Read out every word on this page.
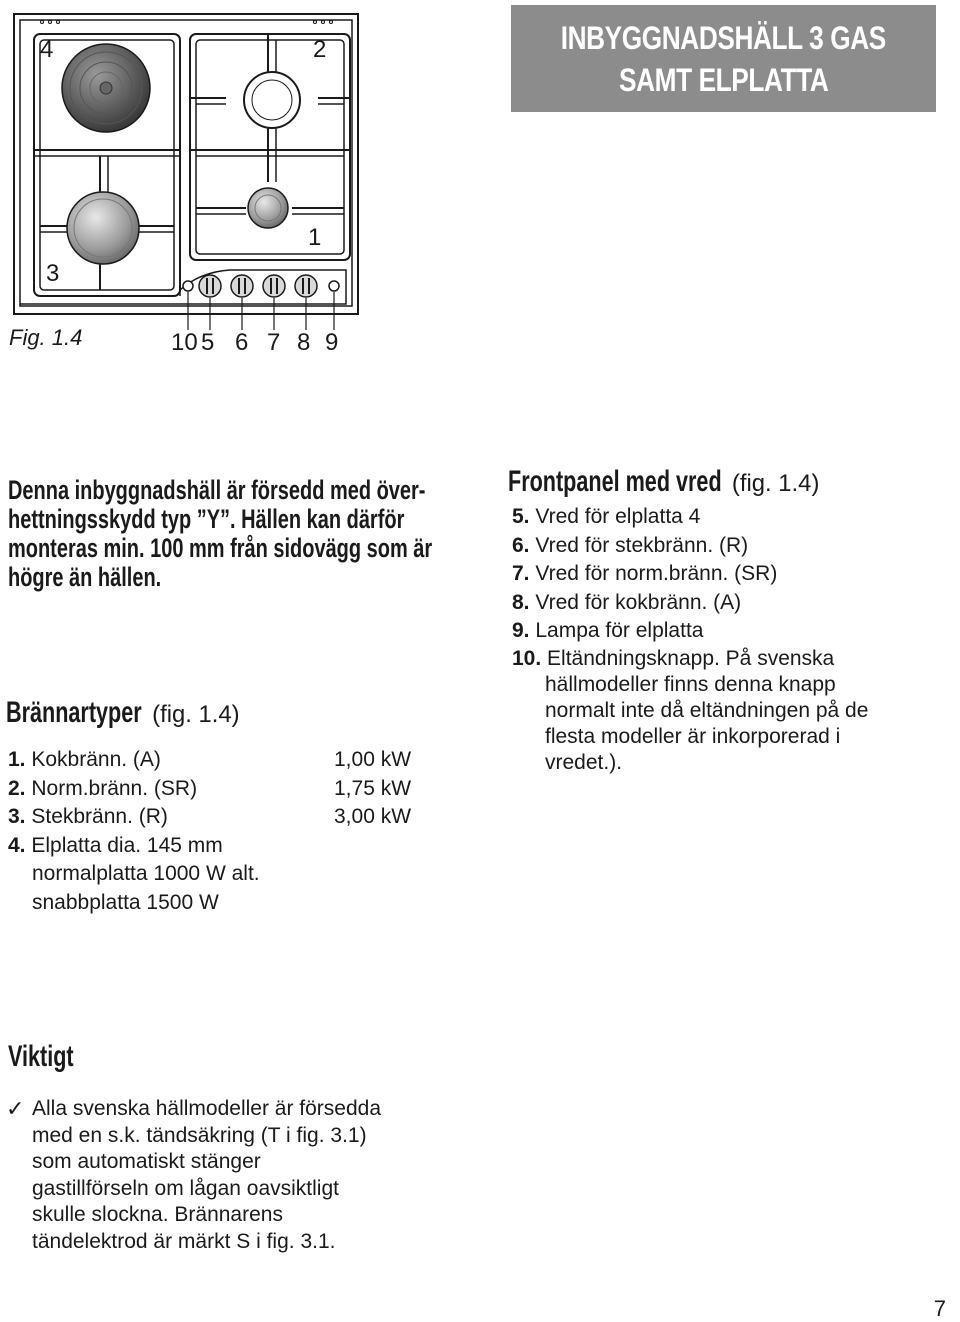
INBYGGNADSHÄLL 3 GAS
SAMT ELPLATTA
4	2
3
1
Fig. 1.4	10 5 6 7 8 9
Denna inbyggnadshäll är försedd med över-
hettningsskydd typ ”Y”. Hällen kan därför
monteras min. 100 mm från sidovägg som är
högre än hällen.
Brännartyper (fig. 1.4)
1. Kokbränn. (A)	1,00 kW
2. Norm.bränn. (SR)	1,75 kW
3. Stekbränn. (R)	3,00 kW
4. Elplatta dia. 145 mm
normalplatta 1000 W alt.
snabbplatta 1500 W
Frontpanel med vred (fig. 1.4)
5. Vred för elplatta 4
6. Vred för stekbränn. (R)
7. Vred för norm.bränn. (SR)
8. Vred för kokbränn. (A)
9. Lampa för elplatta
10. Eltändningsknapp. På svenska
hällmodeller finns denna knapp
normalt inte då eltändningen på de
flesta modeller är inkorporerad i
vredet.).
Viktigt
✓ Alla svenska hällmodeller är försedda
med en s.k. tändsäkring (T i fig. 3.1)
som automatiskt stänger
gastillförseln om lågan oavsiktligt
skulle slockna. Brännarens
tändelektrod är märkt S i fig. 3.1.
7
